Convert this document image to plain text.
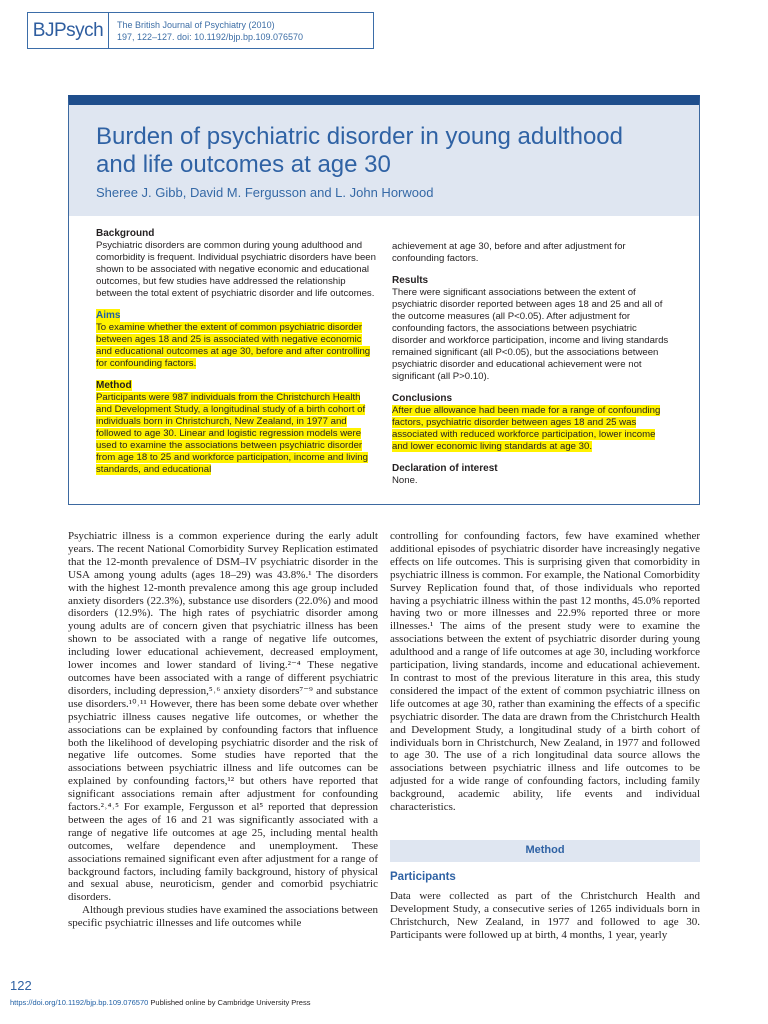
BJPsych	The British Journal of Psychiatry (2010)
197, 122–127. doi: 10.1192/bjp.bp.109.076570
Burden of psychiatric disorder in young adulthood
and life outcomes at age 30
Sheree J. Gibb, David M. Fergusson and L. John Horwood
Background
Psychiatric disorders are common during young adulthood and comorbidity is frequent. Individual psychiatric disorders have been shown to be associated with negative economic and educational outcomes, but few studies have addressed the relationship between the total extent of psychiatric disorder and life outcomes.
Aims
To examine whether the extent of common psychiatric disorder between ages 18 and 25 is associated with negative economic and educational outcomes at age 30, before and after controlling for confounding factors.
Method
Participants were 987 individuals from the Christchurch Health and Development Study, a longitudinal study of a birth cohort of individuals born in Christchurch, New Zealand, in 1977 and followed to age 30. Linear and logistic regression models were used to examine the associations between psychiatric disorder from age 18 to 25 and workforce participation, income and living standards, and educational
achievement at age 30, before and after adjustment for confounding factors.
Results
There were significant associations between the extent of psychiatric disorder reported between ages 18 and 25 and all of the outcome measures (all P<0.05). After adjustment for confounding factors, the associations between psychiatric disorder and workforce participation, income and living standards remained significant (all P<0.05), but the associations between psychiatric disorder and educational achievement were not significant (all P>0.10).
Conclusions
After due allowance had been made for a range of confounding factors, psychiatric disorder between ages 18 and 25 was associated with reduced workforce participation, lower income and lower economic living standards at age 30.
Declaration of interest
None.

Psychiatric illness is a common experience during the early adult years. The recent National Comorbidity Survey Replication estimated that the 12-month prevalence of DSM–IV psychiatric disorder in the USA among young adults (ages 18–29) was 43.8%.¹ The disorders with the highest 12-month prevalence among this age group included anxiety disorders (22.3%), substance use disorders (22.0%) and mood disorders (12.9%). The high rates of psychiatric disorder among young adults are of concern given that psychiatric illness has been shown to be associated with a range of negative life outcomes, including lower educational achievement, decreased employment, lower incomes and lower standard of living.²⁻⁴ These negative outcomes have been associated with a range of different psychiatric disorders, including depression,⁵˒⁶ anxiety disorders⁷⁻⁹ and substance use disorders.¹⁰˒¹¹ However, there has been some debate over whether psychiatric illness causes negative life outcomes, or whether the associations can be explained by confounding factors that influence both the likelihood of developing psychiatric disorder and the risk of negative life outcomes. Some studies have reported that the associations between psychiatric illness and life outcomes can be explained by confounding factors,¹² but others have reported that significant associations remain after adjustment for confounding factors.²˒⁴˒⁵ For example, Fergusson et al⁵ reported that depression between the ages of 16 and 21 was significantly associated with a range of negative life outcomes at age 25, including mental health outcomes, welfare dependence and unemployment. These associations remained significant even after adjustment for a range of background factors, including family background, history of physical and sexual abuse, neuroticism, gender and comorbid psychiatric disorders.

Although previous studies have examined the associations between specific psychiatric illnesses and life outcomes while

controlling for confounding factors, few have examined whether additional episodes of psychiatric disorder have increasingly negative effects on life outcomes. This is surprising given that comorbidity in psychiatric illness is common. For example, the National Comorbidity Survey Replication found that, of those individuals who reported having a psychiatric illness within the past 12 months, 45.0% reported having two or more illnesses and 22.9% reported three or more illnesses.¹ The aims of the present study were to examine the associations between the extent of psychiatric disorder during young adulthood and a range of life outcomes at age 30, including workforce participation, living standards, income and educational achievement. In contrast to most of the previous literature in this area, this study considered the impact of the extent of common psychiatric illness on life outcomes at age 30, rather than examining the effects of a specific psychiatric disorder. The data are drawn from the Christchurch Health and Development Study, a longitudinal study of a birth cohort of individuals born in Christchurch, New Zealand, in 1977 and followed to age 30. The use of a rich longitudinal data source allows the associations between psychiatric illness and life outcomes to be adjusted for a wide range of confounding factors, including family background, academic ability, life events and individual characteristics.

Method
Participants

Data were collected as part of the Christchurch Health and Development Study, a consecutive series of 1265 individuals born in Christchurch, New Zealand, in 1977 and followed to age 30. Participants were followed up at birth, 4 months, 1 year, yearly

122
https://doi.org/10.1192/bjp.bp.109.076570 Published online by Cambridge University Press
